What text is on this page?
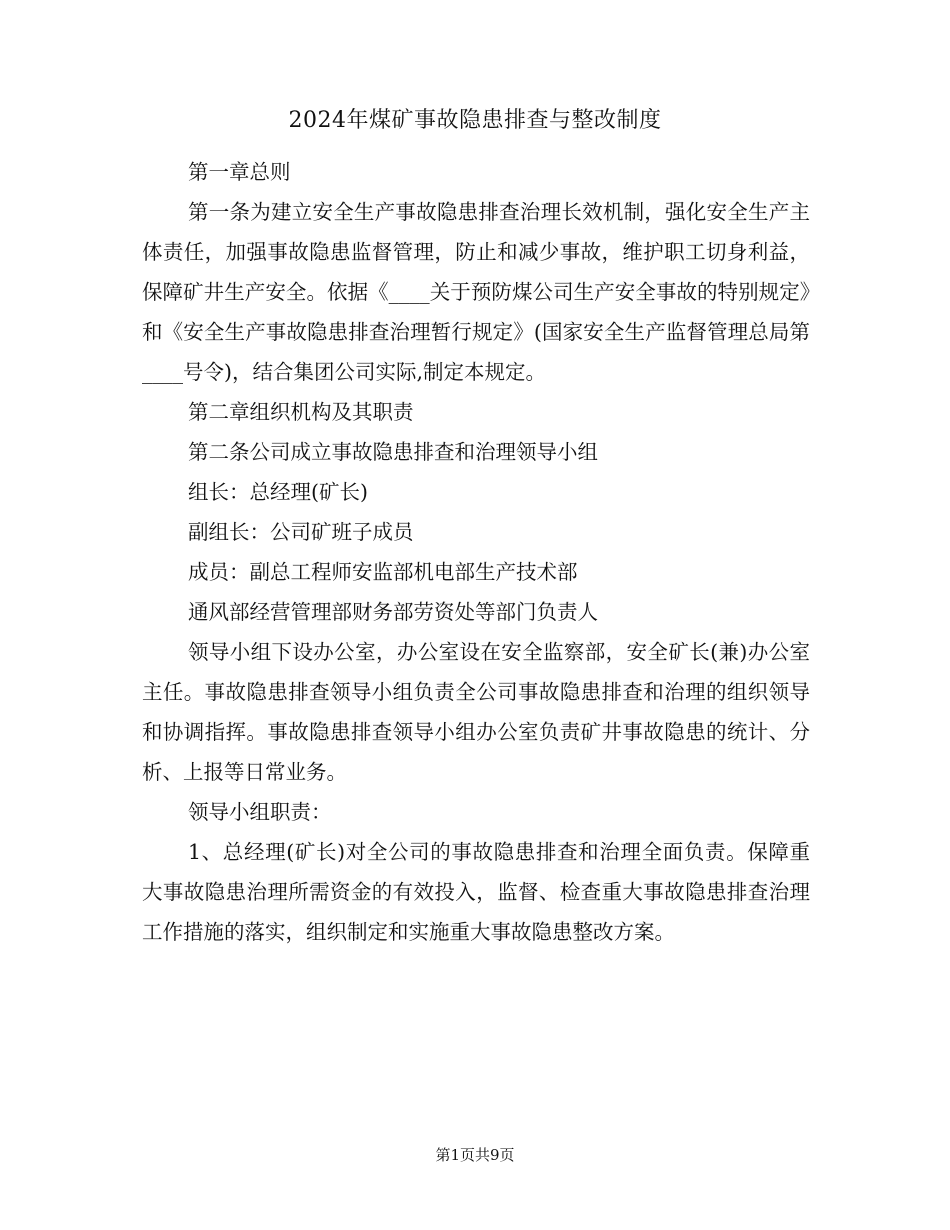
2024年煤矿事故隐患排查与整改制度

第一章总则

第一条为建立安全生产事故隐患排查治理长效机制，强化安全生产主体责任，加强事故隐患监督管理，防止和减少事故，维护职工切身利益，保障矿井生产安全。依据《____关于预防煤公司生产安全事故的特别规定》和《安全生产事故隐患排查治理暂行规定》(国家安全生产监督管理总局第____号令)，结合集团公司实际,制定本规定。

第二章组织机构及其职责

第二条公司成立事故隐患排查和治理领导小组

组长：总经理(矿长)

副组长：公司矿班子成员

成员：副总工程师安监部机电部生产技术部

通风部经营管理部财务部劳资处等部门负责人

领导小组下设办公室，办公室设在安全监察部，安全矿长(兼)办公室主任。事故隐患排查领导小组负责全公司事故隐患排查和治理的组织领导和协调指挥。事故隐患排查领导小组办公室负责矿井事故隐患的统计、分析、上报等日常业务。

领导小组职责：

1、总经理(矿长)对全公司的事故隐患排查和治理全面负责。保障重大事故隐患治理所需资金的有效投入，监督、检查重大事故隐患排查治理工作措施的落实，组织制定和实施重大事故隐患整改方案。

第1页共9页
